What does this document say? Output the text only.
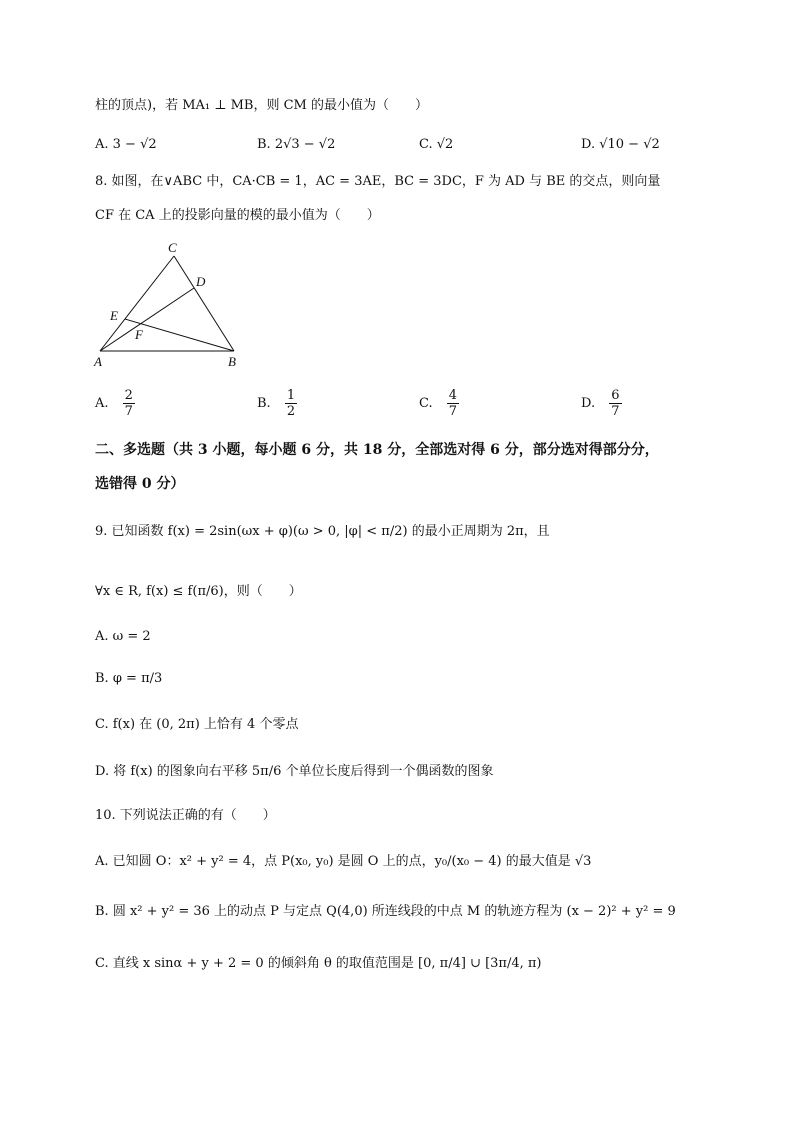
柱的顶点)，若 MA₁ ⊥ MB，则 CM 的最小值为（　　）
A. 3 − √2	B. 2√3 − √2	C. √2	D. √10 − √2
8. 如图，在∨ABC 中，CA·CB = 1，AC = 3AE，BC = 3DC，F 为 AD 与 BE 的交点，则向量
CF 在 CA 上的投影向量的模的最小值为（　　）
C
D
E
F
A	B
A. $\frac{2}{7}$	B. $\frac{1}{2}$	C. $\frac{4}{7}$	D. $\frac{6}{7}$
二、多选题（共 3 小题，每小题 6 分，共 18 分，全部选对得 6 分，部分选对得部分分，
选错得 0 分）
9. 已知函数 f(x) = 2sin(ωx + φ)(ω > 0, |φ| < π/2) 的最小正周期为 2π，且
∀x ∈ R, f(x) ≤ f(π/6)，则（　　）
A. ω = 2
B. φ = π/3
C. f(x) 在 (0, 2π) 上恰有 4 个零点
D. 将 f(x) 的图象向右平移 5π/6 个单位长度后得到一个偶函数的图象
10. 下列说法正确的有（　　）
A. 已知圆 O：x² + y² = 4，点 P(x₀, y₀) 是圆 O 上的点，y₀/(x₀ − 4) 的最大值是 √3
B. 圆 x² + y² = 36 上的动点 P 与定点 Q(4,0) 所连线段的中点 M 的轨迹方程为 (x − 2)² + y² = 9
C. 直线 x sinα + y + 2 = 0 的倾斜角 θ 的取值范围是 [0, π/4] ∪ [3π/4, π)
